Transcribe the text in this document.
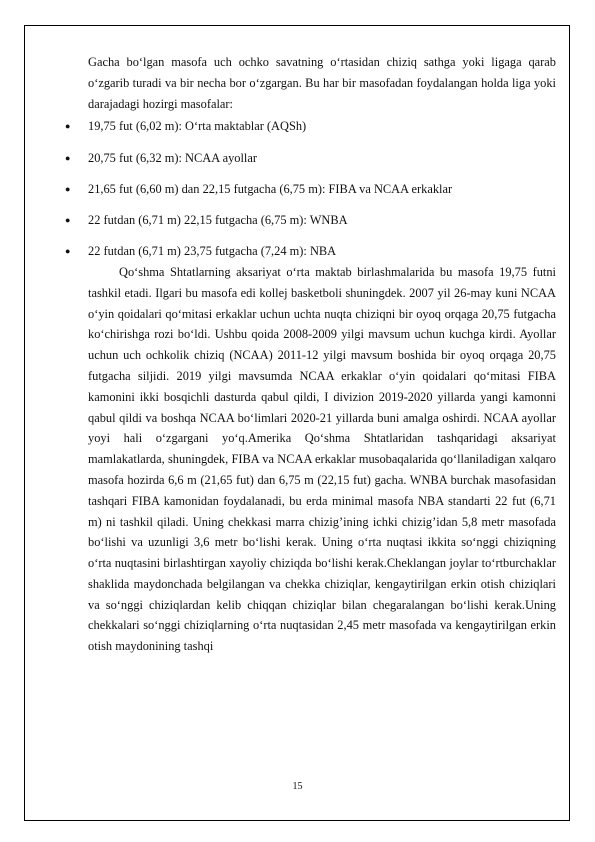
Gacha bo‘lgan masofa uch ochko savatning o‘rtasidan chiziq sathga yoki ligaga qarab o‘zgarib turadi va bir necha bor o‘zgargan. Bu har bir masofadan foydalangan holda liga yoki darajadagi hozirgi masofalar:

● 19,75 fut (6,02 m): O‘rta maktablar (AQSh)
● 20,75 fut (6,32 m): NCAA ayollar
● 21,65 fut (6,60 m) dan 22,15 futgacha (6,75 m): FIBA va NCAA erkaklar
● 22 futdan (6,71 m) 22,15 futgacha (6,75 m): WNBA
● 22 futdan (6,71 m) 23,75 futgacha (7,24 m): NBA

Qo‘shma Shtatlarning aksariyat o‘rta maktab birlashmalarida bu masofa 19,75 futni tashkil etadi. Ilgari bu masofa edi kollej basketboli shuningdek. 2007 yil 26-may kuni NCAA o‘yin qoidalari qo‘mitasi erkaklar uchun uchta nuqta chiziqni bir oyoq orqaga 20,75 futgacha ko‘chirishga rozi bo‘ldi. Ushbu qoida 2008-2009 yilgi mavsum uchun kuchga kirdi. Ayollar uchun uch ochkolik chiziq (NCAA) 2011-12 yilgi mavsum boshida bir oyoq orqaga 20,75 futgacha siljidi. 2019 yilgi mavsumda NCAA erkaklar o‘yin qoidalari qo‘mitasi FIBA kamonini ikki bosqichli dasturda qabul qildi, I divizion 2019-2020 yillarda yangi kamonni qabul qildi va boshqa NCAA bo‘limlari 2020-21 yillarda buni amalga oshirdi. NCAA ayollar yoyi hali o‘zgargani yo‘q.Amerika Qo‘shma Shtatlaridan tashqaridagi aksariyat mamlakatlarda, shuningdek, FIBA va NCAA erkaklar musobaqalarida qo‘llaniladigan xalqaro masofa hozirda 6,6 m (21,65 fut) dan 6,75 m (22,15 fut) gacha. WNBA burchak masofasidan tashqari FIBA kamonidan foydalanadi, bu erda minimal masofa NBA standarti 22 fut (6,71 m) ni tashkil qiladi. Uning chekkasi marra chizig’ining ichki chizig’idan 5,8 metr masofada bo‘lishi va uzunligi 3,6 metr bo‘lishi kerak. Uning o‘rta nuqtasi ikkita so‘nggi chiziqning o‘rta nuqtasini birlashtirgan xayoliy chiziqda bo‘lishi kerak.Cheklangan joylar to‘rtburchaklar shaklida maydonchada belgilangan va chekka chiziqlar, kengaytirilgan erkin otish chiziqlari va so‘nggi chiziqlardan kelib chiqqan chiziqlar bilan chegaralangan bo‘lishi kerak.Uning chekkalari so‘nggi chiziqlarning o‘rta nuqtasidan 2,45 metr masofada va kengaytirilgan erkin otish maydonining tashqi

15
